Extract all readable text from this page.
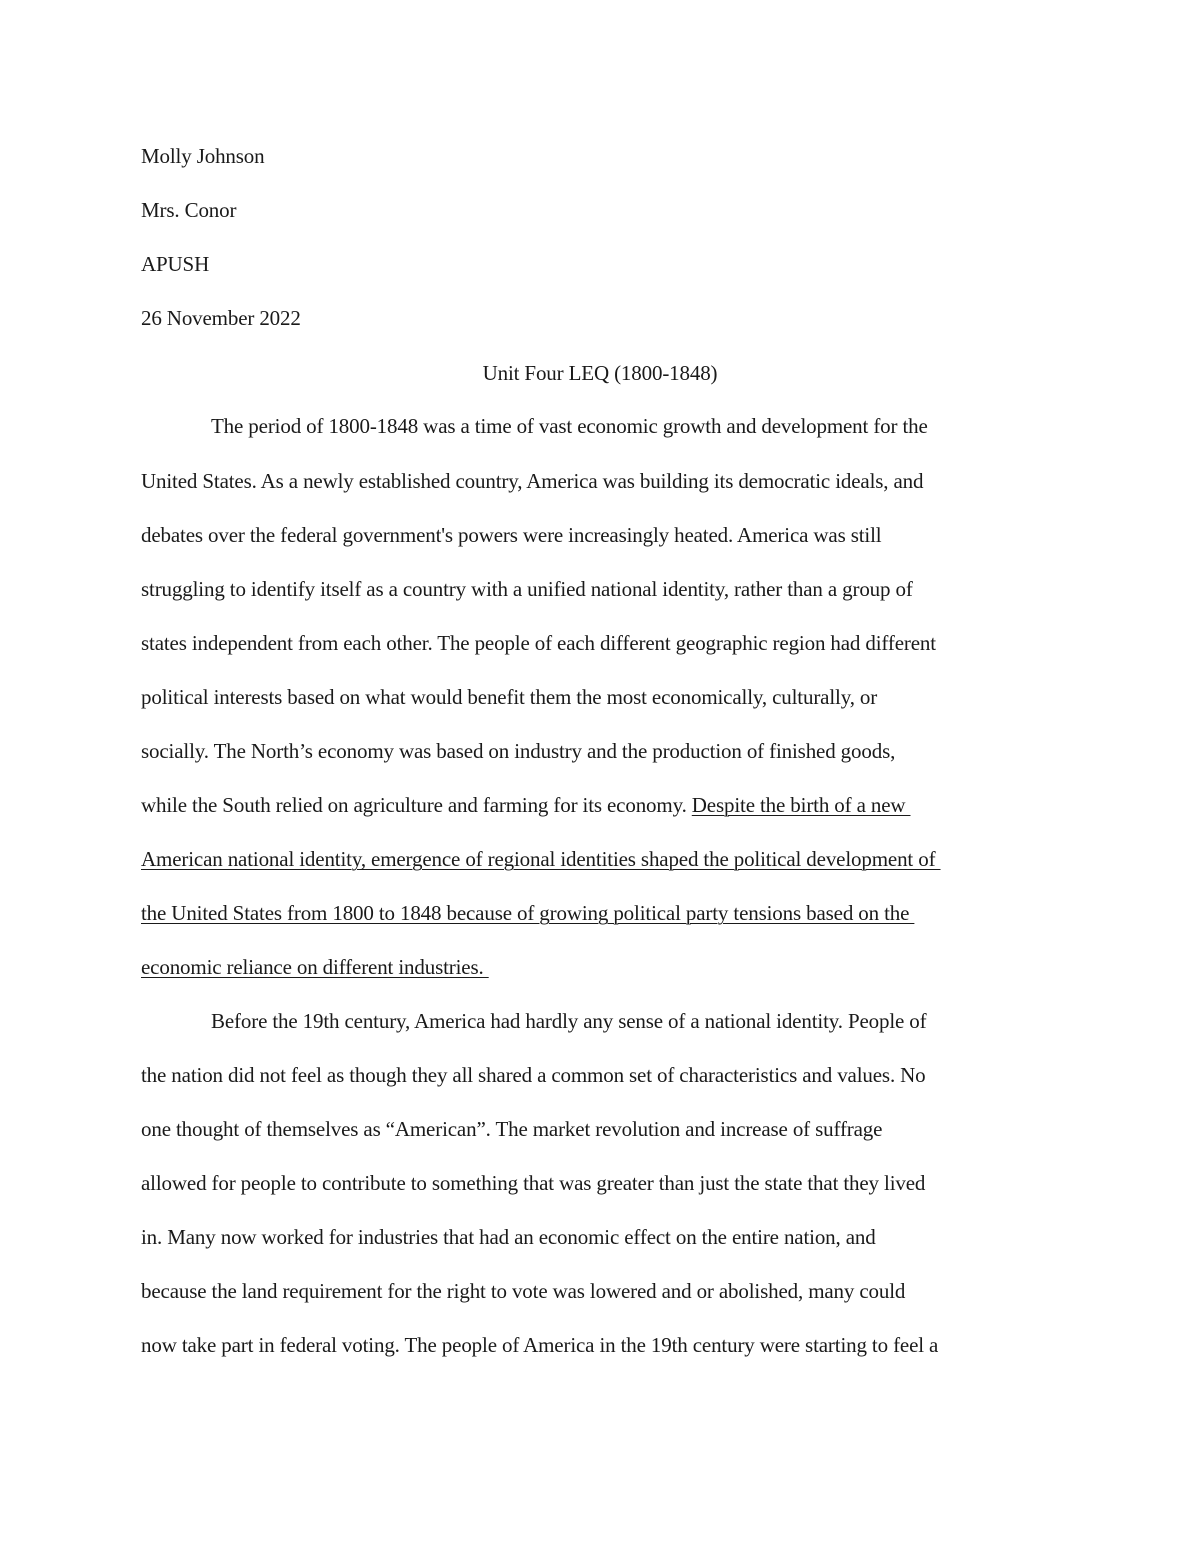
Molly Johnson
Mrs. Conor
APUSH
26 November 2022
Unit Four LEQ (1800-1848)
The period of 1800-1848 was a time of vast economic growth and development for the
United States. As a newly established country, America was building its democratic ideals, and
debates over the federal government's powers were increasingly heated. America was still
struggling to identify itself as a country with a unified national identity, rather than a group of
states independent from each other. The people of each different geographic region had different
political interests based on what would benefit them the most economically, culturally, or
socially. The North’s economy was based on industry and the production of finished goods,
while the South relied on agriculture and farming for its economy. Despite the birth of a new
American national identity, emergence of regional identities shaped the political development of
the United States from 1800 to 1848 because of growing political party tensions based on the
economic reliance on different industries.
Before the 19th century, America had hardly any sense of a national identity. People of
the nation did not feel as though they all shared a common set of characteristics and values. No
one thought of themselves as “American”. The market revolution and increase of suffrage
allowed for people to contribute to something that was greater than just the state that they lived
in. Many now worked for industries that had an economic effect on the entire nation, and
because the land requirement for the right to vote was lowered and or abolished, many could
now take part in federal voting. The people of America in the 19th century were starting to feel a
